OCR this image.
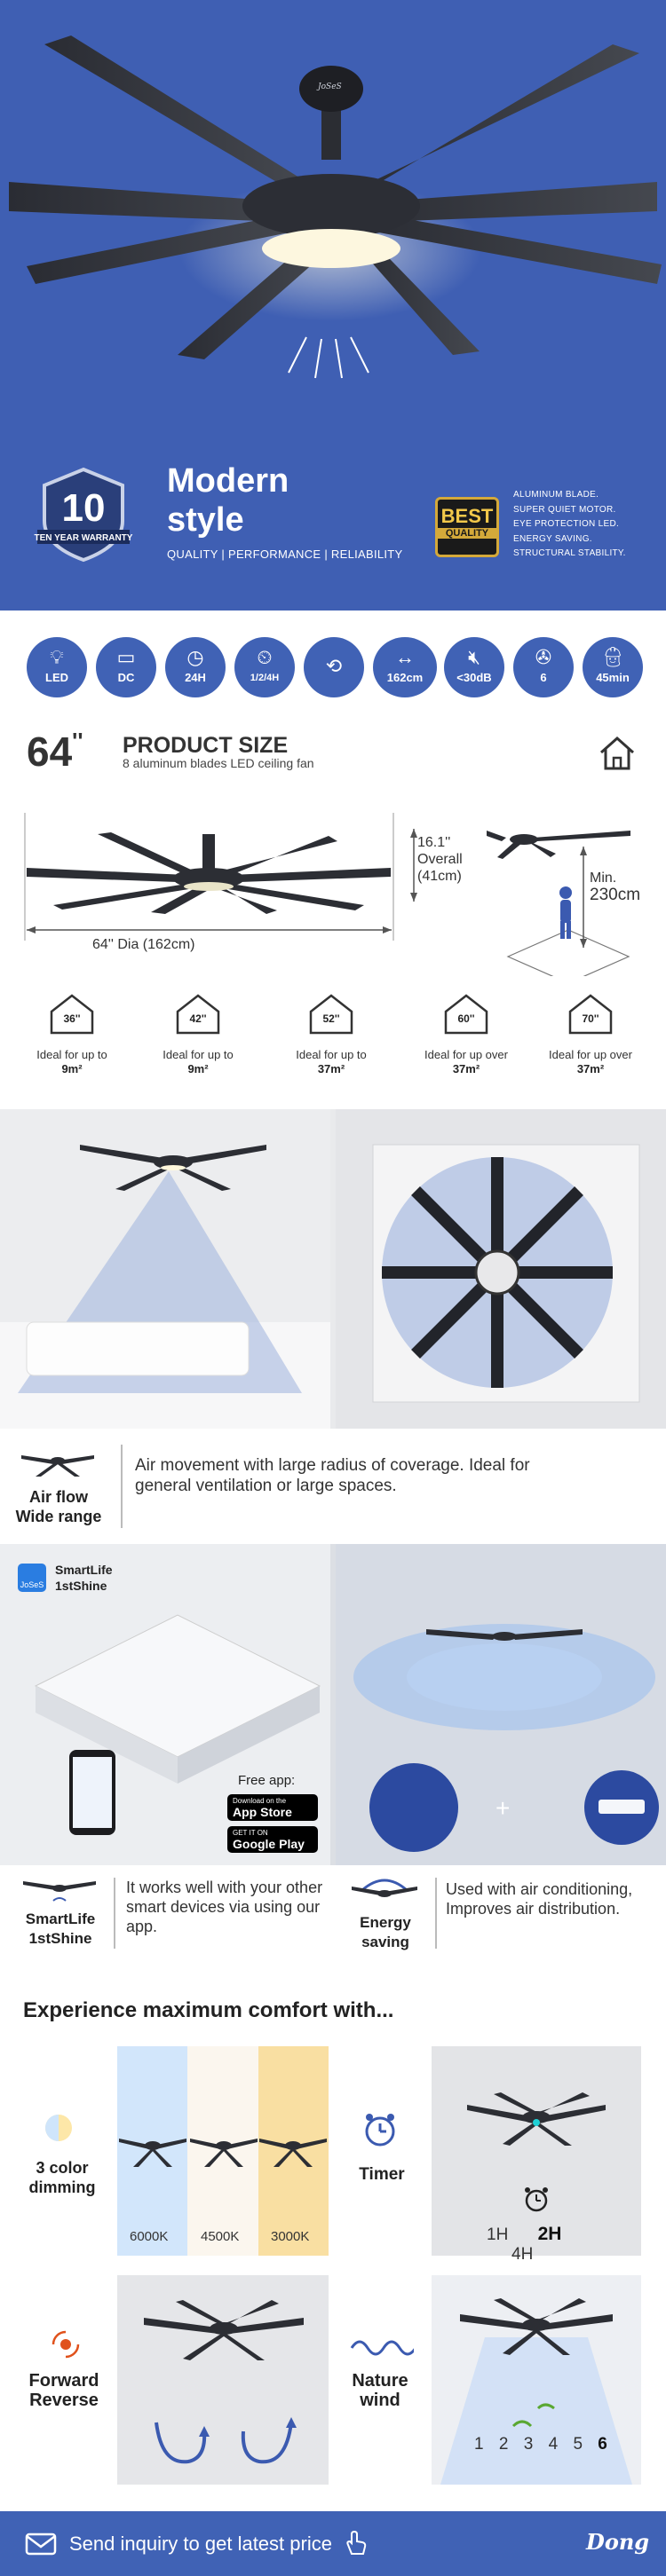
JoSeS
10
TEN YEAR WARRANTY
Modern
style
QUALITY | PERFORMANCE | RELIABILITY
BEST
QUALITY
ALUMINUM BLADE.
SUPER QUIET MOTOR.
EYE PROTECTION LED.
ENERGY SAVING.
STRUCTURAL STABILITY.
💡︎
LED
▭
DC
◷
24H
⏲︎
1/2/4H
⟲	↔
162cm
🔇︎
<30dB
✇
6
👷︎
45min
64'' PRODUCT SIZE
8 aluminum blades LED ceiling fan
16.1''
Overall
(41cm)
64'' Dia (162cm)
Min.
230cm
36''
Ideal for up to
9m²
42''
Ideal for up to
9m²
52''
Ideal for up to
37m²
60''
Ideal for up over
37m²
70''
Ideal for up over
37m²
Air flow
Wide range
Air movement with large radius of coverage. Ideal for general ventilation or large spaces.
JoSeS
SmartLife
1stShine
Free app:
Download on the
App Store
GET IT ON
Google Play
+
SmartLife
1stShine
It works well with your other smart devices via using our app.	Energy
saving
Used with air conditioning, Improves air distribution.
Experience maximum comfort with...
3 color
dimming
6000K 4500K 3000K
Timer
1H 2H 4H
Forward
Reverse
Nature
wind
1 2 3 4 5 6
Send inquiry to get latest price	Dong
